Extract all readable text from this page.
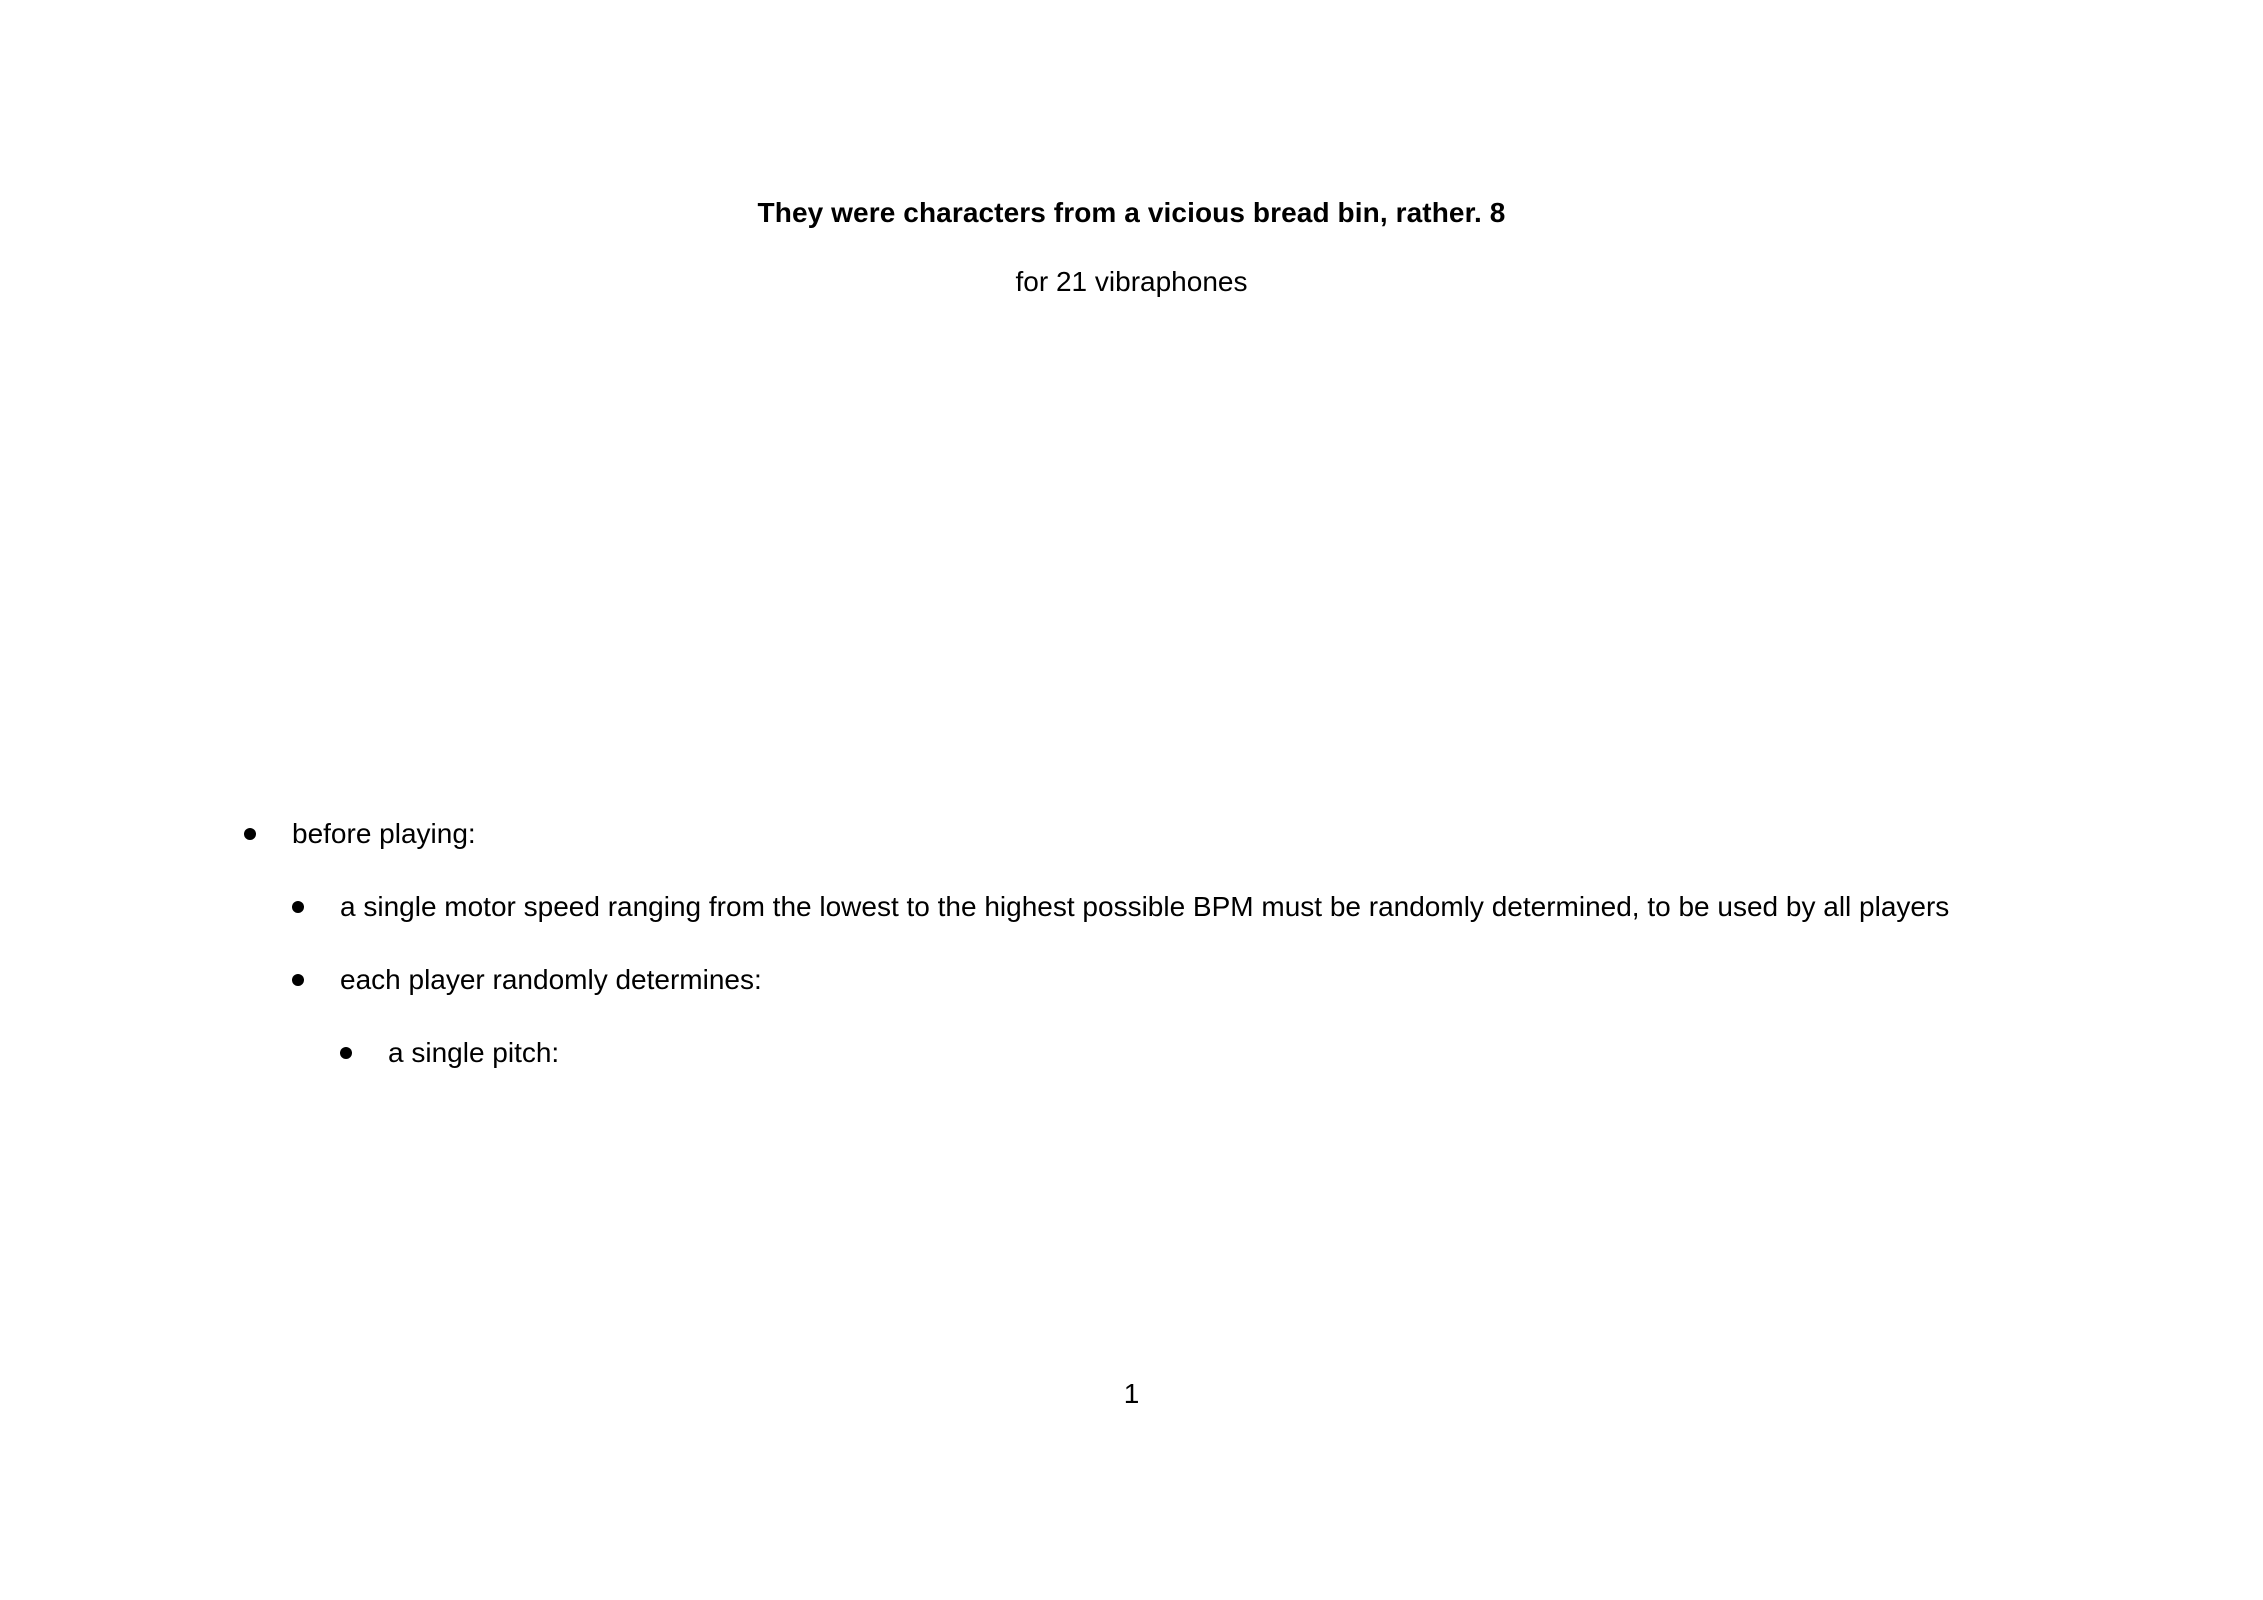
They were characters from a vicious bread bin, rather. 8
for 21 vibraphones
before playing:
a single motor speed ranging from the lowest to the highest possible BPM must be randomly determined, to be used by all players
each player randomly determines:
a single pitch:
1
